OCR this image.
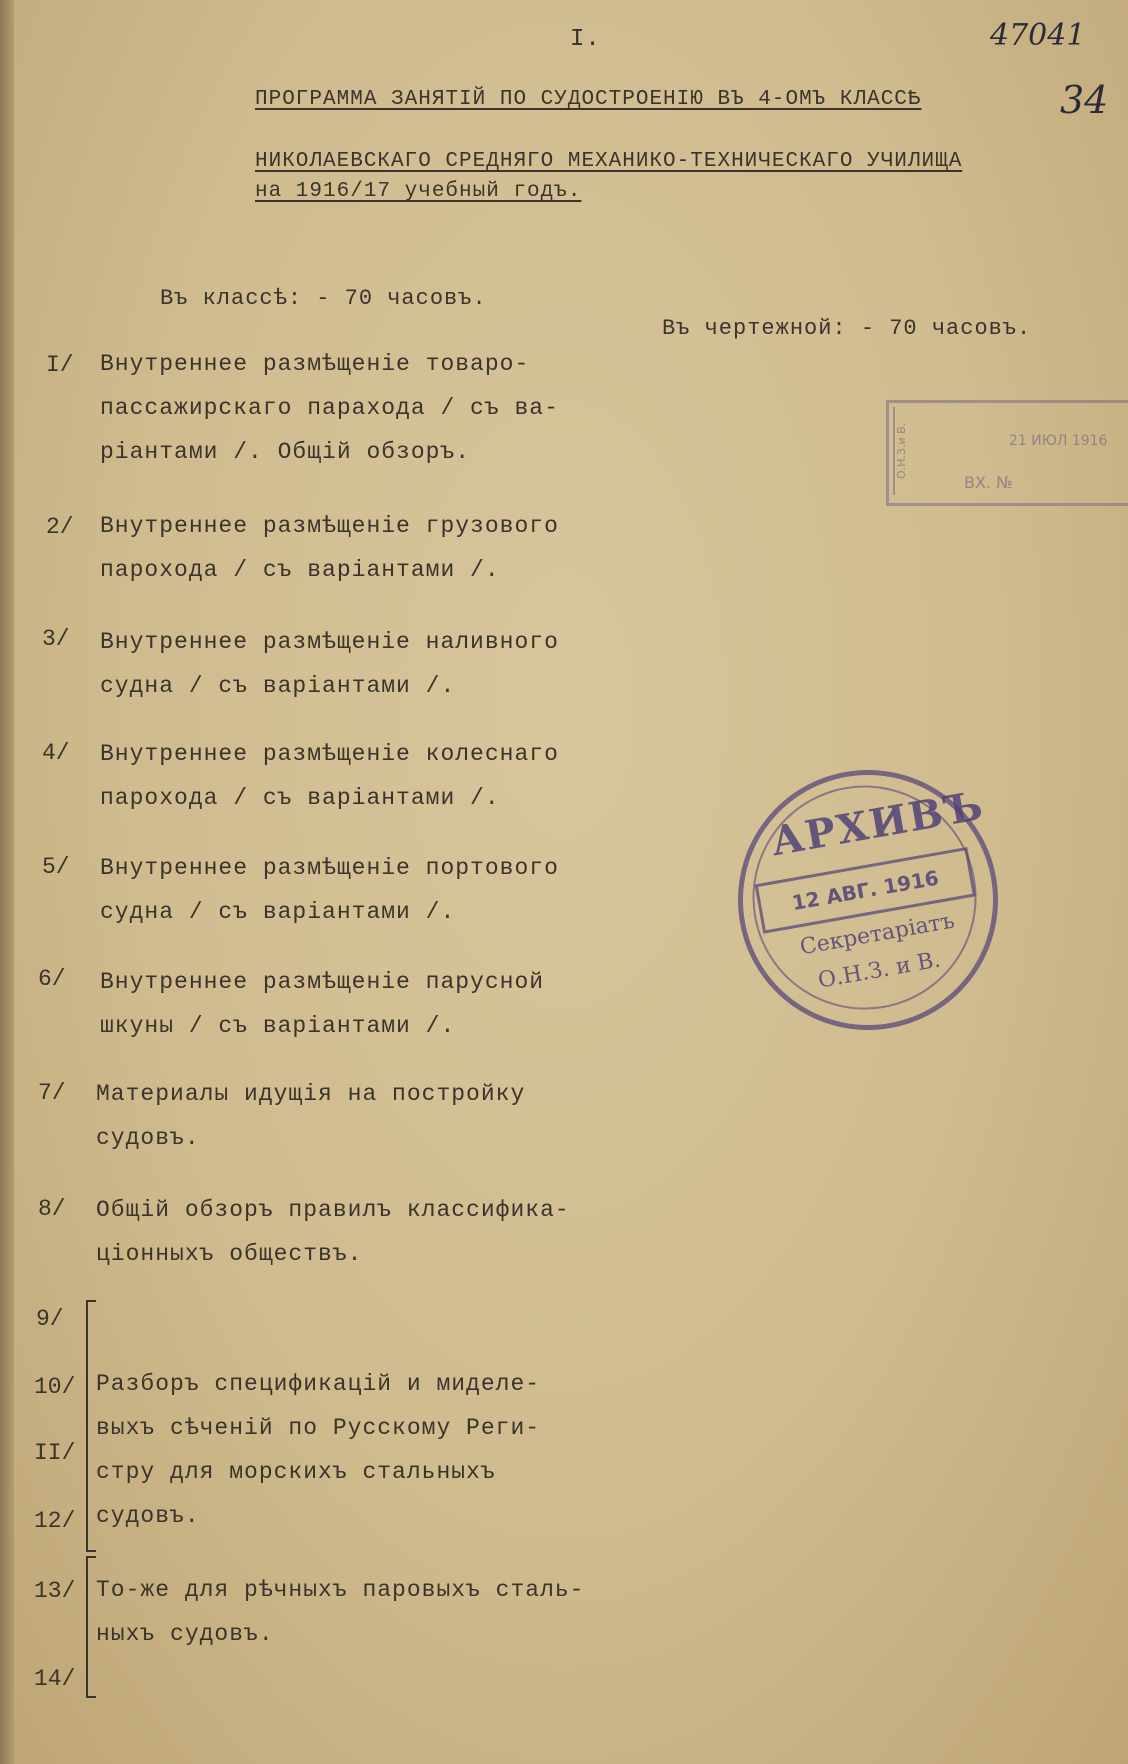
47041
34
I.
ПРОГРАММА ЗАНЯТIЙ ПО СУДОСТРОЕНIЮ ВЪ 4-ОМЪ КЛАССѢ
НИКОЛАЕВСКАГО СРЕДНЯГО МЕХАНИКО-ТЕХНИЧЕСКАГО УЧИЛИЩА
на 1916/17 учебный годъ.
Въ классѣ: - 70 часовъ.
Въ чертежной: - 70 часовъ.
О.Н.З.и В.	21 ИЮЛ 1916
ВХ. №
I/ Внутреннее размѣщенiе товаро-
пассажирскаго парахода / съ ва-
рiантами /. Общiй обзоръ.
2/ Внутреннее размѣщенiе грузового
парохода / съ варiантами /.
3/ Внутреннее размѣщенiе наливного
судна / съ варiантами /.
4/ Внутреннее размѣщенiе колеснаго
парохода / съ варiантами /.
5/ Внутреннее размѣщенiе портового
судна / съ варiантами /.
6/ Внутреннее размѣщенiе парусной
шкуны / съ варiантами /.
7/ Материалы идущiя на постройку
судовъ.
8/ Общiй обзоръ правилъ классифика-
цiонныхъ обществъ.
АРХИВЪ
12 АВГ. 1916
Секретарiатъ
О.Н.З. и В.
9/
10/
II/
12/
Разборъ спецификацiй и миделе-
выхъ сѣченiй по Русскому Реги-
стру для морскихъ стальныхъ
судовъ.
13/
14/
То-же для рѣчныхъ паровыхъ сталь-
ныхъ судовъ.
